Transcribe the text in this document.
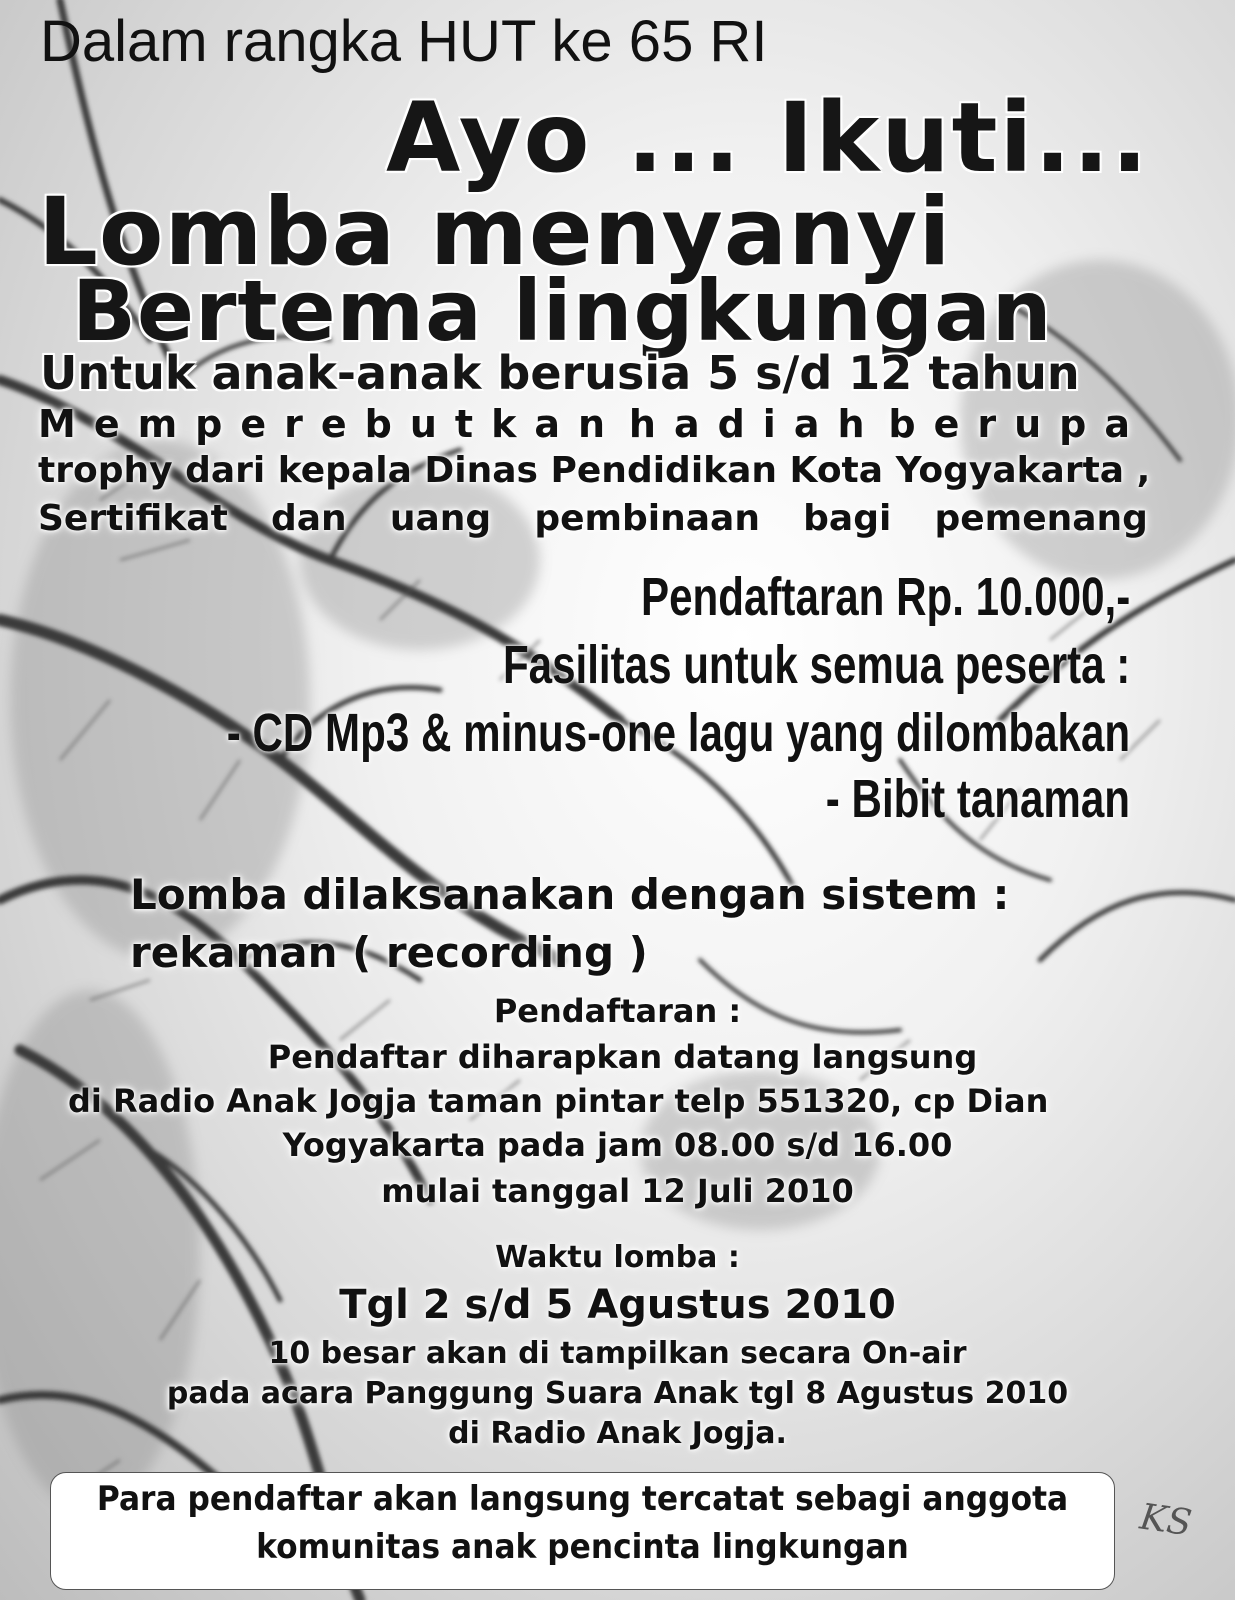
Dalam rangka HUT ke 65 RI
Ayo ... Ikuti...
Lomba menyanyi
Bertema lingkungan
Untuk anak-anak berusia 5 s/d 12 tahun
Memperebutkan hadiah berupa
trophy dari kepala Dinas Pendidikan Kota Yogyakarta ,
Sertifikat dan uang pembinaan bagi pemenang
Pendaftaran Rp. 10.000,-
Fasilitas untuk semua peserta :
- CD Mp3 & minus-one lagu yang dilombakan
- Bibit tanaman
Lomba dilaksanakan dengan sistem :
rekaman ( recording )
Pendaftaran :
Pendaftar diharapkan datang langsung
di Radio Anak Jogja taman pintar telp 551320, cp Dian
Yogyakarta pada jam 08.00 s/d 16.00
mulai tanggal 12 Juli 2010
Waktu lomba :
Tgl 2 s/d 5 Agustus 2010
10 besar akan di tampilkan secara On-air
pada acara Panggung Suara Anak tgl 8 Agustus 2010
di Radio Anak Jogja.
Para pendaftar akan langsung tercatat sebagi anggota
komunitas anak pencinta lingkungan
KS
